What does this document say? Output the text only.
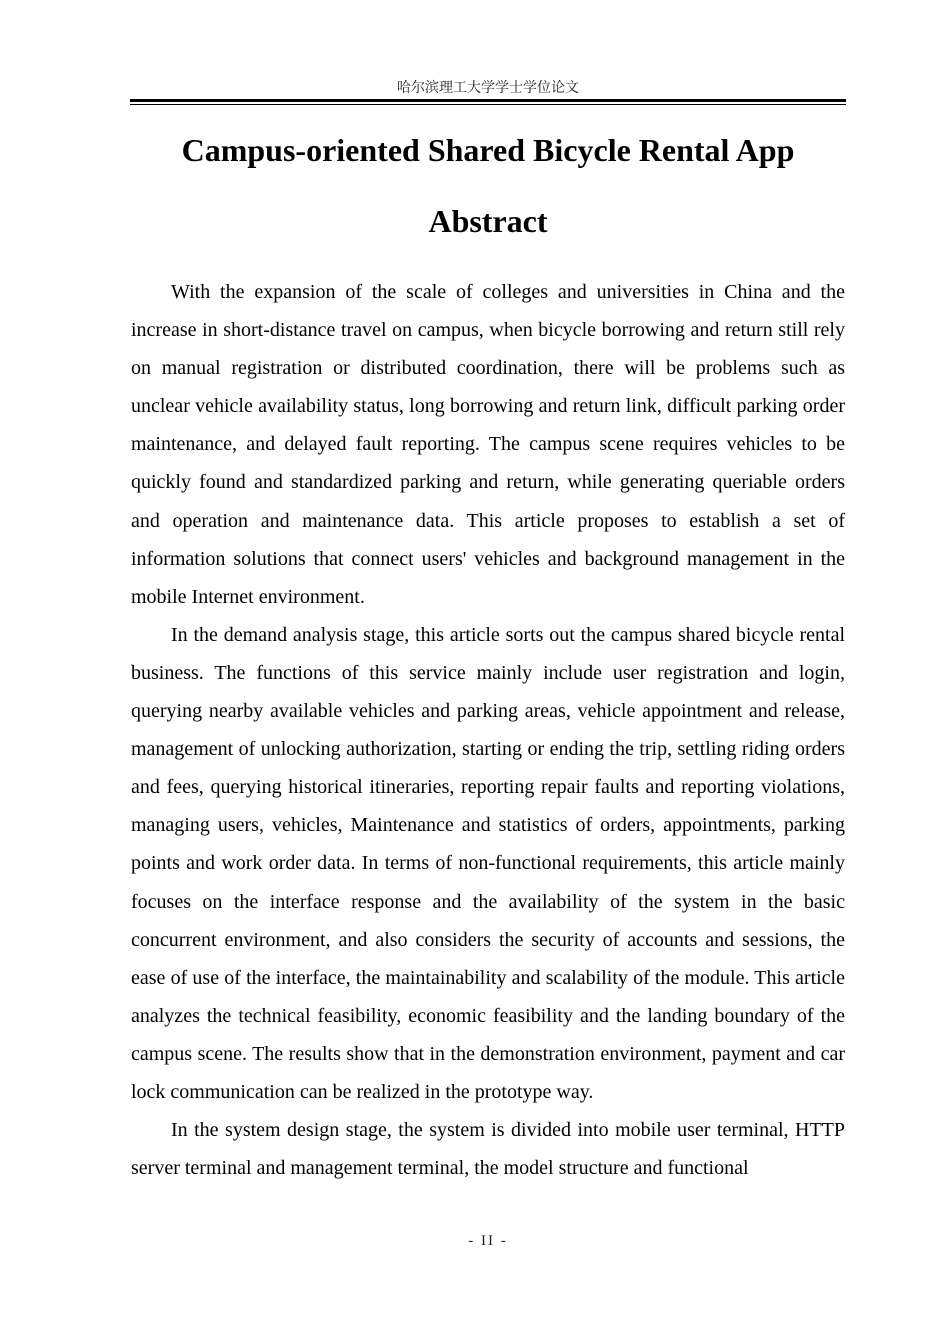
哈尔滨理工大学学士学位论文
Campus-oriented Shared Bicycle Rental App
Abstract

With the expansion of the scale of colleges and universities in China and the increase in short-distance travel on campus, when bicycle borrowing and return still rely on manual registration or distributed coordination, there will be problems such as unclear vehicle availability status, long borrowing and return link, difficult parking order maintenance, and delayed fault reporting. The campus scene requires vehicles to be quickly found and standardized parking and return, while generating queriable orders and operation and maintenance data. This article proposes to establish a set of information solutions that connect users' vehicles and background management in the mobile Internet environment.

In the demand analysis stage, this article sorts out the campus shared bicycle rental business. The functions of this service mainly include user registration and login, querying nearby available vehicles and parking areas, vehicle appointment and release, management of unlocking authorization, starting or ending the trip, settling riding orders and fees, querying historical itineraries, reporting repair faults and reporting violations, managing users, vehicles, Maintenance and statistics of orders, appointments, parking points and work order data. In terms of non-functional requirements, this article mainly focuses on the interface response and the availability of the system in the basic concurrent environment, and also considers the security of accounts and sessions, the ease of use of the interface, the maintainability and scalability of the module. This article analyzes the technical feasibility, economic feasibility and the landing boundary of the campus scene. The results show that in the demonstration environment, payment and car lock communication can be realized in the prototype way.

In the system design stage, the system is divided into mobile user terminal, HTTP server terminal and management terminal, the model structure and functional

- II -
